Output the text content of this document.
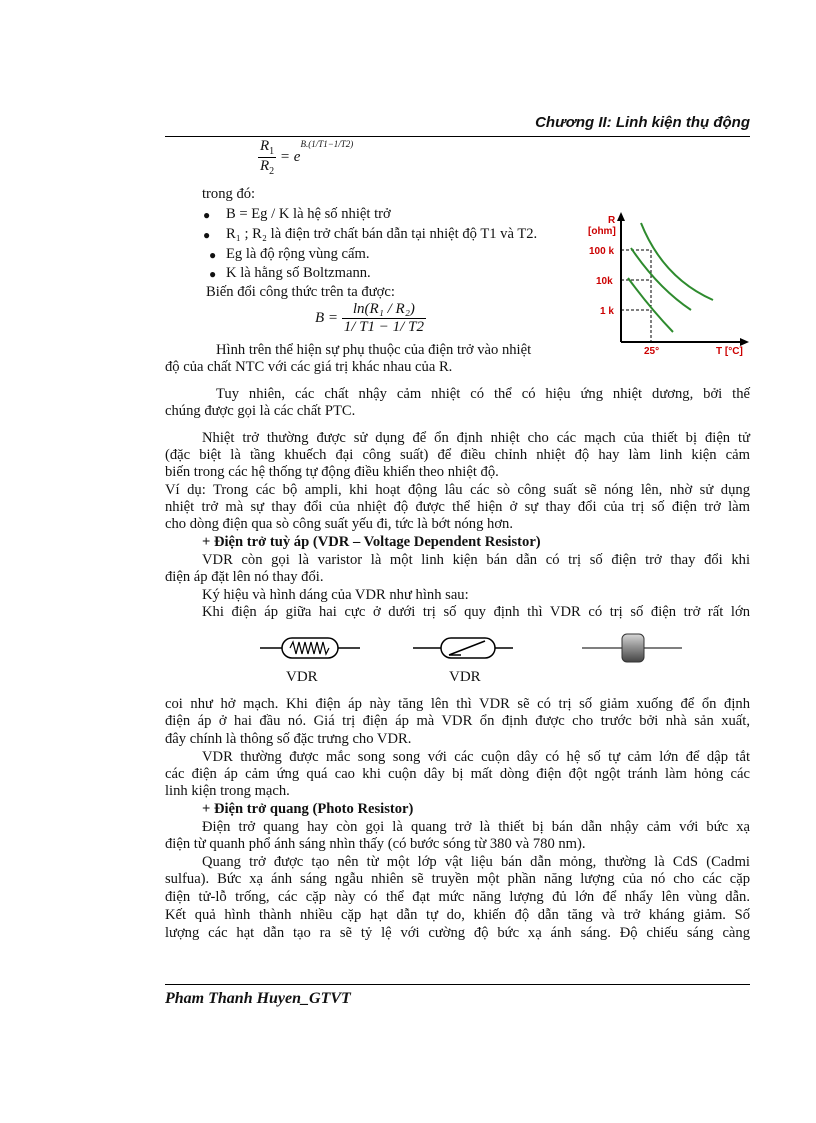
Chương II: Linh kiện thụ động
$\frac{R_1}{R_2} = e^{B.(1/T1-1/T2)}$
trong đó:
● B = Eg / K là hệ số nhiệt trở
● R₁ ; R₂ là điện trở chất bán dẫn tại nhiệt độ T1 và T2.
● Eg là độ rộng vùng cấm.
● K là hằng số Boltzmann.
Biến đổi công thức trên ta được:
$B = \frac{\text{ln(R₁ / R₂)}}{1/ T1 - 1/ T2}$
R
[ohm]
100 k
10k
1 k
25°	T [°C]
Hình trên thể hiện sự phụ thuộc của điện trở vào nhiệt
độ của chất NTC với các giá trị khác nhau của R.
Tuy nhiên, các chất nhậy cảm nhiệt có thể có hiệu ứng nhiệt dương, bởi thế
chúng được gọi là các chất PTC.
Nhiệt trở thường được sử dụng để ổn định nhiệt cho các mạch của thiết bị điện tử
(đặc biệt là tầng khuếch đại công suất) để điều chỉnh nhiệt độ hay làm linh kiện cảm
biến trong các hệ thống tự động điều khiển theo nhiệt độ.
Ví dụ: Trong các bộ ampli, khi hoạt động lâu các sò công suất sẽ nóng lên, nhờ sử dụng
nhiệt trở mà sự thay đổi của nhiệt độ được thể hiện ở sự thay đổi của trị số điện trở làm
cho dòng điện qua sò công suất yếu đi, tức là bớt nóng hơn.
+ Điện trở tuỳ áp (VDR – Voltage Dependent Resistor)
VDR còn gọi là varistor là một linh kiện bán dẫn có trị số điện trở thay đổi khi
điện áp đặt lên nó thay đổi.
Ký hiệu và hình dáng của VDR như hình sau:
Khi điện áp giữa hai cực ở dưới trị số quy định thì VDR có trị số điện trở rất lớn
VDR	VDR
coi như hở mạch. Khi điện áp này tăng lên thì VDR sẽ có trị số giảm xuống để ổn định
điện áp ở hai đầu nó. Giá trị điện áp mà VDR ổn định được cho trước bởi nhà sản xuất,
đây chính là thông số đặc trưng cho VDR.
VDR thường được mắc song song với các cuộn dây có hệ số tự cảm lớn để dập tắt
các điện áp cảm ứng quá cao khi cuộn dây bị mất dòng điện đột ngột tránh làm hỏng các
linh kiện trong mạch.
+ Điện trở quang (Photo Resistor)
Điện trở quang hay còn gọi là quang trở là thiết bị bán dẫn nhậy cảm với bức xạ
điện từ quanh phổ ánh sáng nhìn thấy (có bước sóng từ 380 và 780 nm).
Quang trở được tạo nên từ một lớp vật liệu bán dẫn mỏng, thường là CdS (Cadmi
sulfua). Bức xạ ánh sáng ngẫu nhiên sẽ truyền một phần năng lượng của nó cho các cặp
điện tử-lỗ trống, các cặp này có thể đạt mức năng lượng đủ lớn để nhẩy lên vùng dẫn.
Kết quả hình thành nhiều cặp hạt dẫn tự do, khiến độ dẫn tăng và trở kháng giảm. Số
lượng các hạt dẫn tạo ra sẽ tỷ lệ với cường độ bức xạ ánh sáng. Độ chiếu sáng càng
Pham Thanh Huyen_GTVT
